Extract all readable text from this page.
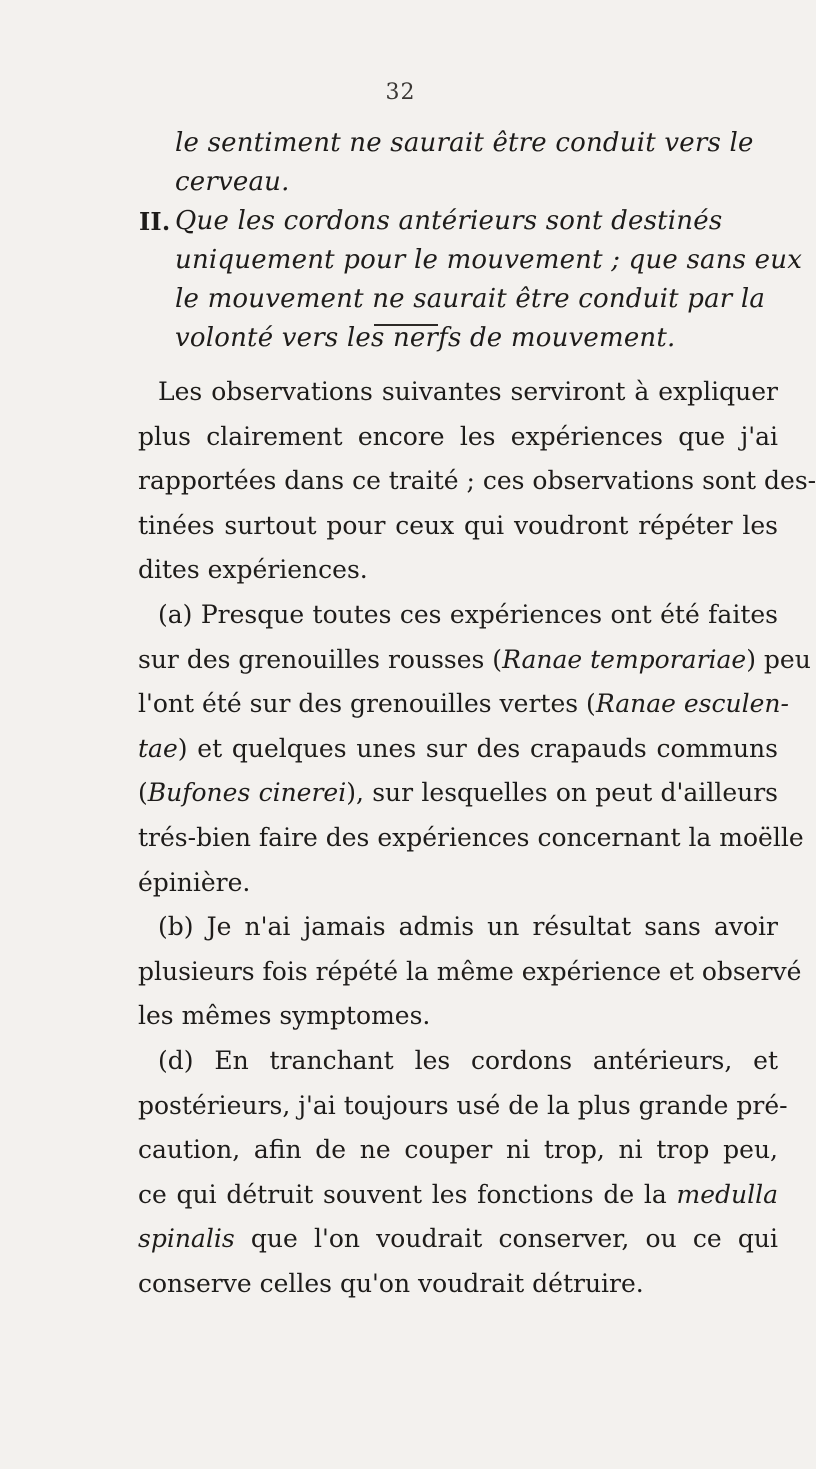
32
le sentiment ne saurait être conduit vers le
cerveau.
II. Que les cordons antérieurs sont destinés
uniquement pour le mouvement ; que sans eux
le mouvement ne saurait être conduit par la
volonté vers les nerfs de mouvement.
Les observations suivantes serviront à expliquer
plus clairement encore les expériences que j'ai
rapportées dans ce traité ; ces observations sont des-
tinées surtout pour ceux qui voudront répéter les
dites expériences.
(a) Presque toutes ces expériences ont été faites
sur des grenouilles rousses (Ranae temporariae) peu
l'ont été sur des grenouilles vertes (Ranae esculen-
tae) et quelques unes sur des crapauds communs
(Bufones cinerei), sur lesquelles on peut d'ailleurs
trés-bien faire des expériences concernant la moëlle
épinière.
(b) Je n'ai jamais admis un résultat sans avoir
plusieurs fois répété la même expérience et observé
les mêmes symptomes.
(d) En tranchant les cordons antérieurs, et
postérieurs, j'ai toujours usé de la plus grande pré-
caution, afin de ne couper ni trop, ni trop peu,
ce qui détruit souvent les fonctions de la medulla
spinalis que l'on voudrait conserver, ou ce qui
conserve celles qu'on voudrait détruire.
